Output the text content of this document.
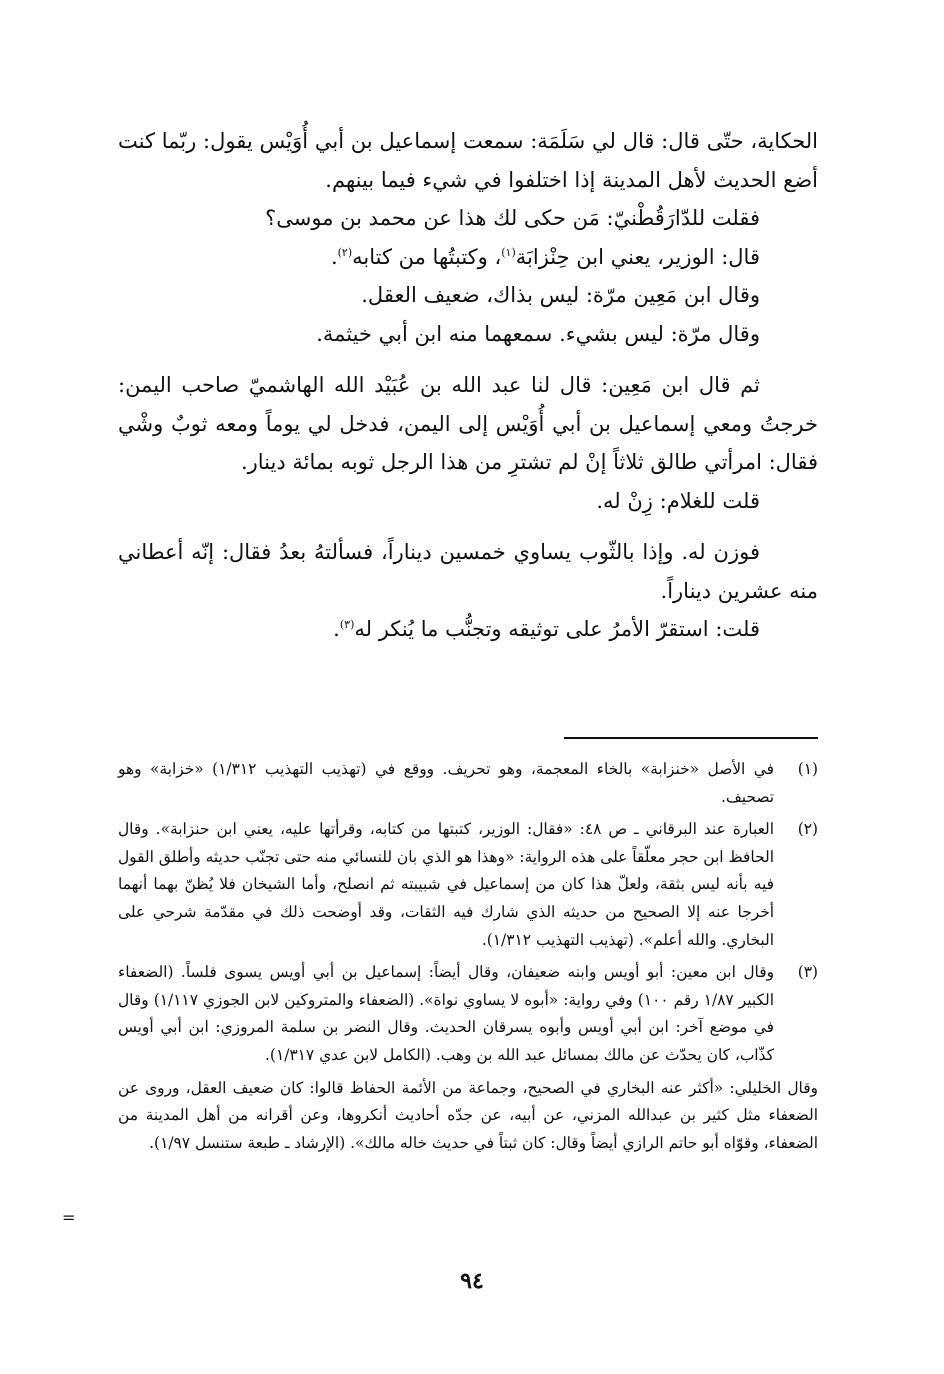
الحكاية، حتّى قال: قال لي سَلَمَة: سمعت إسماعيل بن أبي أُوَيْس يقول: ربّما كنت أضع الحديث لأهل المدينة إذا اختلفوا في شيء فيما بينهم.

فقلت للدّارَقُطْنيّ: مَن حكى لك هذا عن محمد بن موسى؟

قال: الوزير، يعني ابن حِنْزابَة$^{(١)}$، وكتبتُها من كتابه$^{(٢)}$.

وقال ابن مَعِين مرّة: ليس بذاك، ضعيف العقل.

وقال مرّة: ليس بشيء. سمعهما منه ابن أبي خيثمة.

ثم قال ابن مَعِين: قال لنا عبد الله بن عُبَيْد الله الهاشميّ صاحب اليمن: خرجتُ ومعي إسماعيل بن أبي أُوَيْس إلى اليمن، فدخل لي يوماً ومعه ثوبٌ وشْي فقال: امرأتي طالق ثلاثاً إنْ لم تشترِ من هذا الرجل ثوبه بمائة دينار.

قلت للغلام: زِنْ له.

فوزن له. وإذا بالثّوب يساوي خمسين ديناراً، فسألتهُ بعدُ فقال: إنّه أعطاني منه عشرين ديناراً.

قلت: استقرّ الأمرُ على توثيقه وتجنُّب ما يُنكر له$^{(٣)}$.

(١)
في الأصل «خنزابة» بالخاء المعجمة، وهو تحريف. ووقع في (تهذيب التهذيب ١/٣١٢) «خزابة» وهو تصحيف.
(٢)
العبارة عند البرقاني ـ ص ٤٨: «فقال: الوزير، كتبتها من كتابه، وقرأتها عليه، يعني ابن حنزابة». وقال الحافظ ابن حجر معلّقاً على هذه الرواية: «وهذا هو الذي بان للنسائي منه حتى تجنّب حديثه وأطلق القول فيه بأنه ليس بثقة، ولعلّ هذا كان من إسماعيل في شبيبته ثم انصلح، وأما الشيخان فلا يُظنّ بهما أنهما أخرجا عنه إلا الصحيح من حديثه الذي شارك فيه الثقات، وقد أوضحت ذلك في مقدّمة شرحي على البخاري. والله أعلم». (تهذيب التهذيب ١/٣١٢).
(٣)
وقال ابن معين: أبو أويس وابنه ضعيفان، وقال أيضاً: إسماعيل بن أبي أويس يسوى فلساً. (الضعفاء الكبير ١/٨٧ رقم ١٠٠) وفي رواية: «أبوه لا يساوي نواة». (الضعفاء والمتروكين لابن الجوزي ١/١١٧) وقال في موضع آخر: ابن أبي أويس وأبوه يسرقان الحديث. وقال النضر بن سلمة المروزي: ابن أبي أويس كذّاب، كان يحدّث عن مالك بمسائل عبد الله بن وهب. (الكامل لابن عدي ١/٣١٧).

وقال الخليلي: «أكثر عنه البخاري في الصحيح، وجماعة من الأئمة الحفاظ قالوا: كان ضعيف العقل، وروى عن الضعفاء مثل كثير بن عبدالله المزني، عن أبيه، عن جدّه أحاديث أنكروها، وعن أقرانه من أهل المدينة من الضعفاء، وقوّاه أبو حاتم الرازي أيضاً وقال: كان ثبتاً في حديث خاله مالك». (الإرشاد ـ طبعة ستنسل ١/٩٧).

=
٩٤
